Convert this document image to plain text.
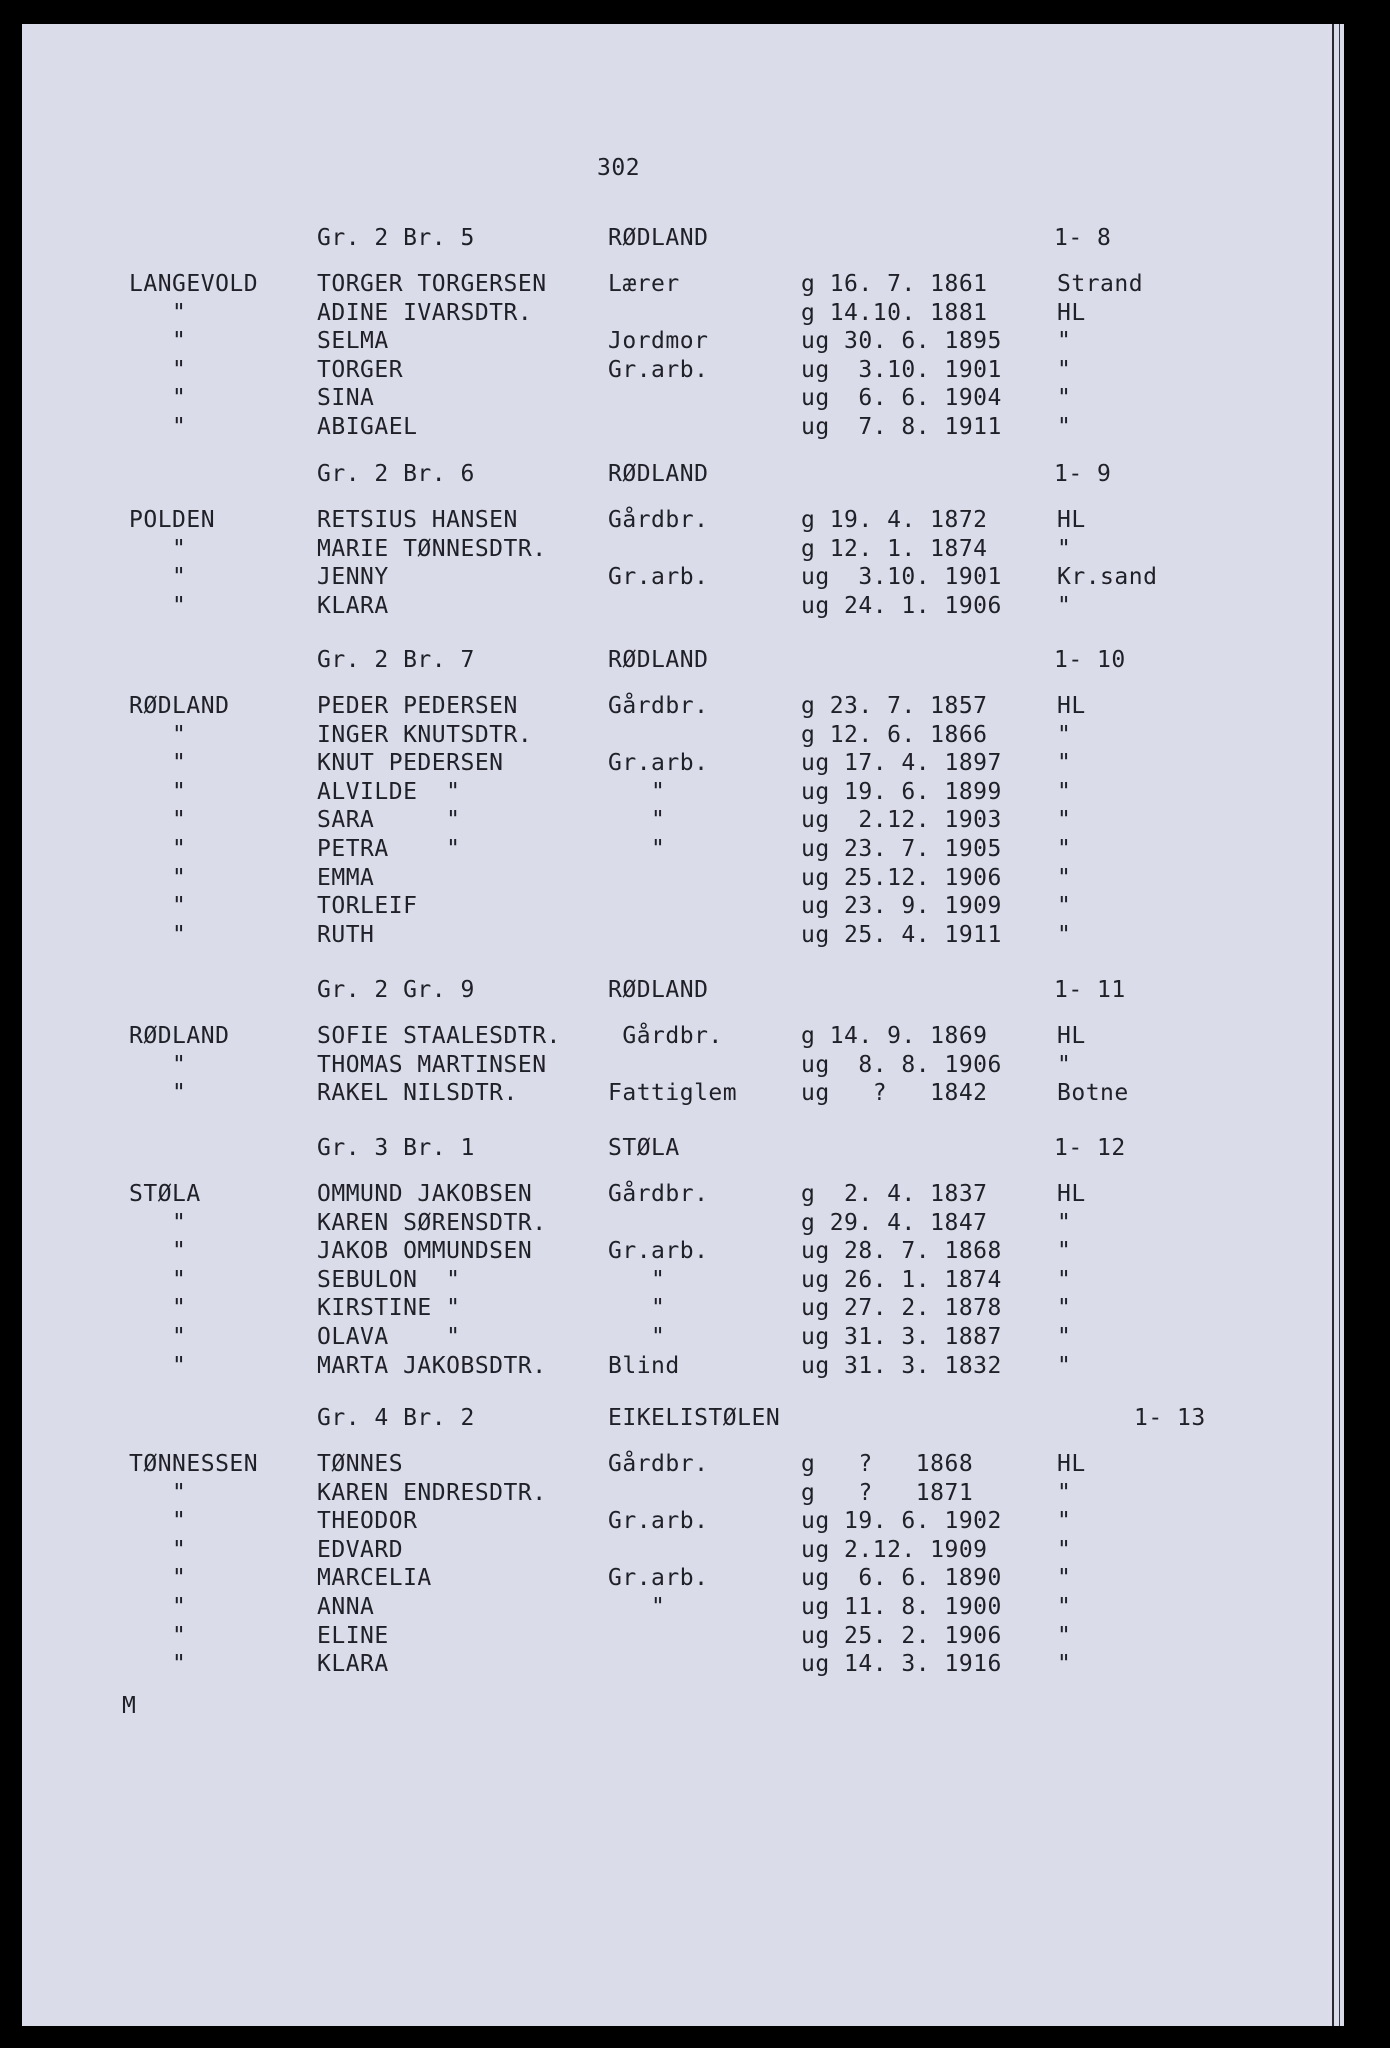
302
Gr. 2 Br. 5	RØDLAND	1- 8
LANGEVOLD	TORGER TORGERSEN	Lærer	g 16. 7. 1861	Strand
"	ADINE IVARSDTR.	g 14.10. 1881	HL
"	SELMA	Jordmor	ug 30. 6. 1895 "
"	TORGER	Gr.arb.	ug  3.10. 1901 "
"	SINA	ug  6. 6. 1904 "
"	ABIGAEL	ug  7. 8. 1911 "
Gr. 2 Br. 6	RØDLAND	1- 9
POLDEN	RETSIUS HANSEN	Gårdbr.	g 19. 4. 1872	HL
"	MARIE TØNNESDTR.	g 12. 1. 1874	"
"	JENNY	Gr.arb.	ug  3.10. 1901 Kr.sand
"	KLARA	ug 24. 1. 1906 "
Gr. 2 Br. 7	RØDLAND	1- 10
RØDLAND	PEDER PEDERSEN	Gårdbr.	g 23. 7. 1857	HL
"	INGER KNUTSDTR.	g 12. 6. 1866	"
"	KNUT PEDERSEN	Gr.arb.	ug 17. 4. 1897 "
"	ALVILDE  "	"	ug 19. 6. 1899 "
"	SARA     "	"	ug  2.12. 1903 "
"	PETRA    "	"	ug 23. 7. 1905 "
"	EMMA	ug 25.12. 1906 "
"	TORLEIF	ug 23. 9. 1909 "
"	RUTH	ug 25. 4. 1911 "
Gr. 2 Gr. 9	RØDLAND	1- 11
RØDLAND	SOFIE STAALESDTR. Gårdbr.	g 14. 9. 1869	HL
"	THOMAS MARTINSEN	ug  8. 8. 1906 "
"	RAKEL NILSDTR.	Fattiglem	ug   ?   1842	Botne
Gr. 3 Br. 1	STØLA	1- 12
STØLA	OMMUND JAKOBSEN	Gårdbr.	g  2. 4. 1837	HL
"	KAREN SØRENSDTR.	g 29. 4. 1847	"
"	JAKOB OMMUNDSEN	Gr.arb.	ug 28. 7. 1868 "
"	SEBULON  "	"	ug 26. 1. 1874 "
"	KIRSTINE "	"	ug 27. 2. 1878 "
"	OLAVA    "	"	ug 31. 3. 1887 "
"	MARTA JAKOBSDTR.	Blind	ug 31. 3. 1832 "
Gr. 4 Br. 2	EIKELISTØLEN	1- 13
TØNNESSEN	TØNNES	Gårdbr.	g   ?   1868	HL
"	KAREN ENDRESDTR.	g   ?   1871	"
"	THEODOR	Gr.arb.	ug 19. 6. 1902 "
"	EDVARD	ug 2.12. 1909	"
"	MARCELIA	Gr.arb.	ug  6. 6. 1890 "
"	ANNA	"	ug 11. 8. 1900 "
"	ELINE	ug 25. 2. 1906 "
"	KLARA	ug 14. 3. 1916 "
M
